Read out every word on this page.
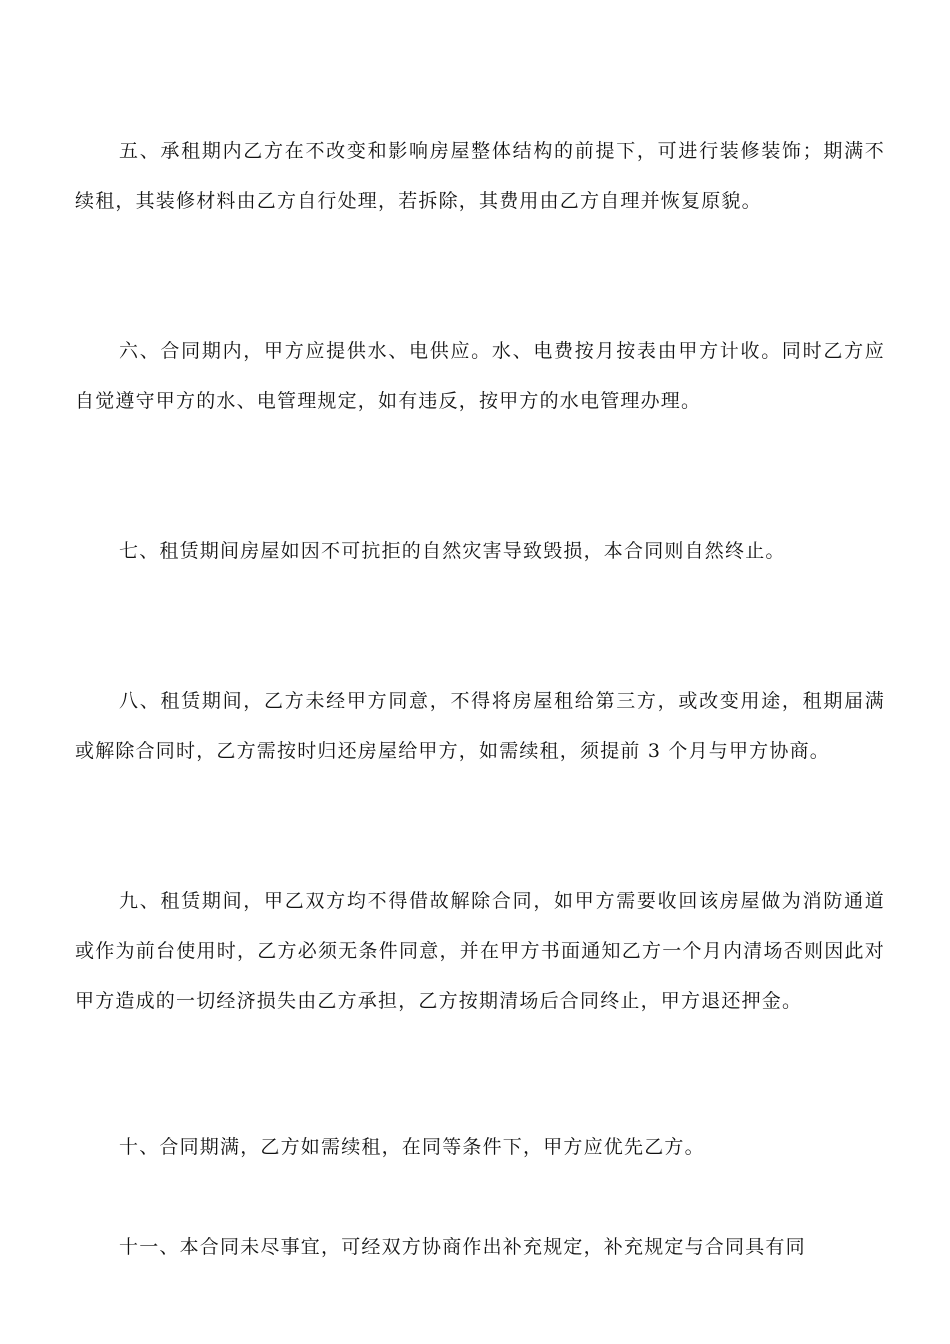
五、承租期内乙方在不改变和影响房屋整体结构的前提下，可进行装修装饰；期满不续租，其装修材料由乙方自行处理，若拆除，其费用由乙方自理并恢复原貌。

六、合同期内，甲方应提供水、电供应。水、电费按月按表由甲方计收。同时乙方应自觉遵守甲方的水、电管理规定，如有违反，按甲方的水电管理办理。

七、租赁期间房屋如因不可抗拒的自然灾害导致毁损，本合同则自然终止。

八、租赁期间，乙方未经甲方同意，不得将房屋租给第三方，或改变用途，租期届满或解除合同时，乙方需按时归还房屋给甲方，如需续租，须提前 3 个月与甲方协商。

九、租赁期间，甲乙双方均不得借故解除合同，如甲方需要收回该房屋做为消防通道或作为前台使用时，乙方必须无条件同意，并在甲方书面通知乙方一个月内清场否则因此对甲方造成的一切经济损失由乙方承担，乙方按期清场后合同终止，甲方退还押金。

十、合同期满，乙方如需续租，在同等条件下，甲方应优先乙方。

十一、本合同未尽事宜，可经双方协商作出补充规定，补充规定与合同具有同
